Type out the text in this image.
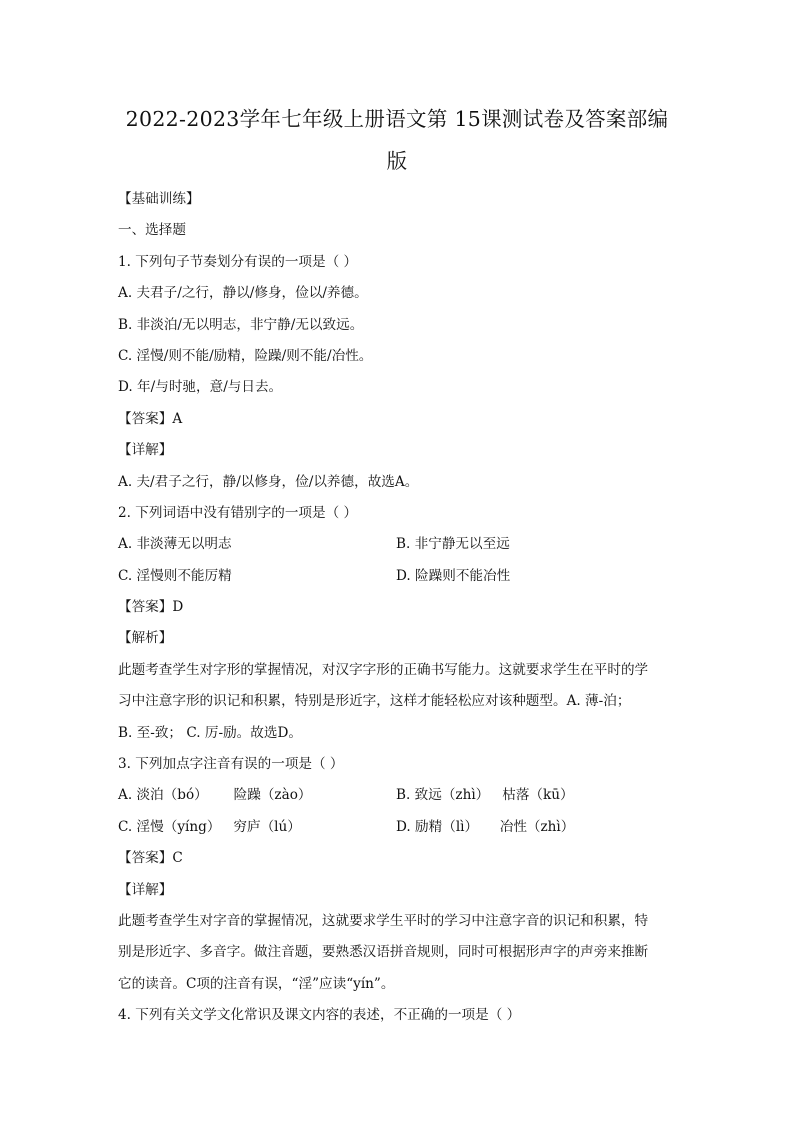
2022-2023学年七年级上册语文第 15课测试卷及答案部编
版
【基础训练】
一、选择题
1. 下列句子节奏划分有误的一项是（ ）
A. 夫君子/之行，静以/修身，俭以/养德。
B. 非淡泊/无以明志，非宁静/无以致远。
C. 淫慢/则不能/励精，险躁/则不能/冶性。
D. 年/与时驰，意/与日去。
【答案】A
【详解】
A. 夫/君子之行，静/以修身，俭/以养德，故选A。
2. 下列词语中没有错别字的一项是（ ）
A. 非淡薄无以明志	B. 非宁静无以至远
C. 淫慢则不能厉精	D. 险躁则不能冶性
【答案】D
【解析】
此题考查学生对字形的掌握情况，对汉字字形的正确书写能力。这就要求学生在平时的学
习中注意字形的识记和积累，特别是形近字，这样才能轻松应对该种题型。A. 薄-泊；
B. 至-致； C. 厉-励。故选D。
3. 下列加点字注音有误的一项是（ ）
A. 淡泊（bó）      险躁（zào）	B. 致远（zhì）   枯落（kū）
C. 淫慢（yíng）   穷庐（lú）	D. 励精（lì）     冶性（zhì）
【答案】C
【详解】
此题考查学生对字音的掌握情况，这就要求学生平时的学习中注意字音的识记和积累，特
别是形近字、多音字。做注音题，要熟悉汉语拼音规则，同时可根据形声字的声旁来推断
它的读音。C项的注音有误，“淫”应读“yín”。
4. 下列有关文学文化常识及课文内容的表述，不正确的一项是（ ）
